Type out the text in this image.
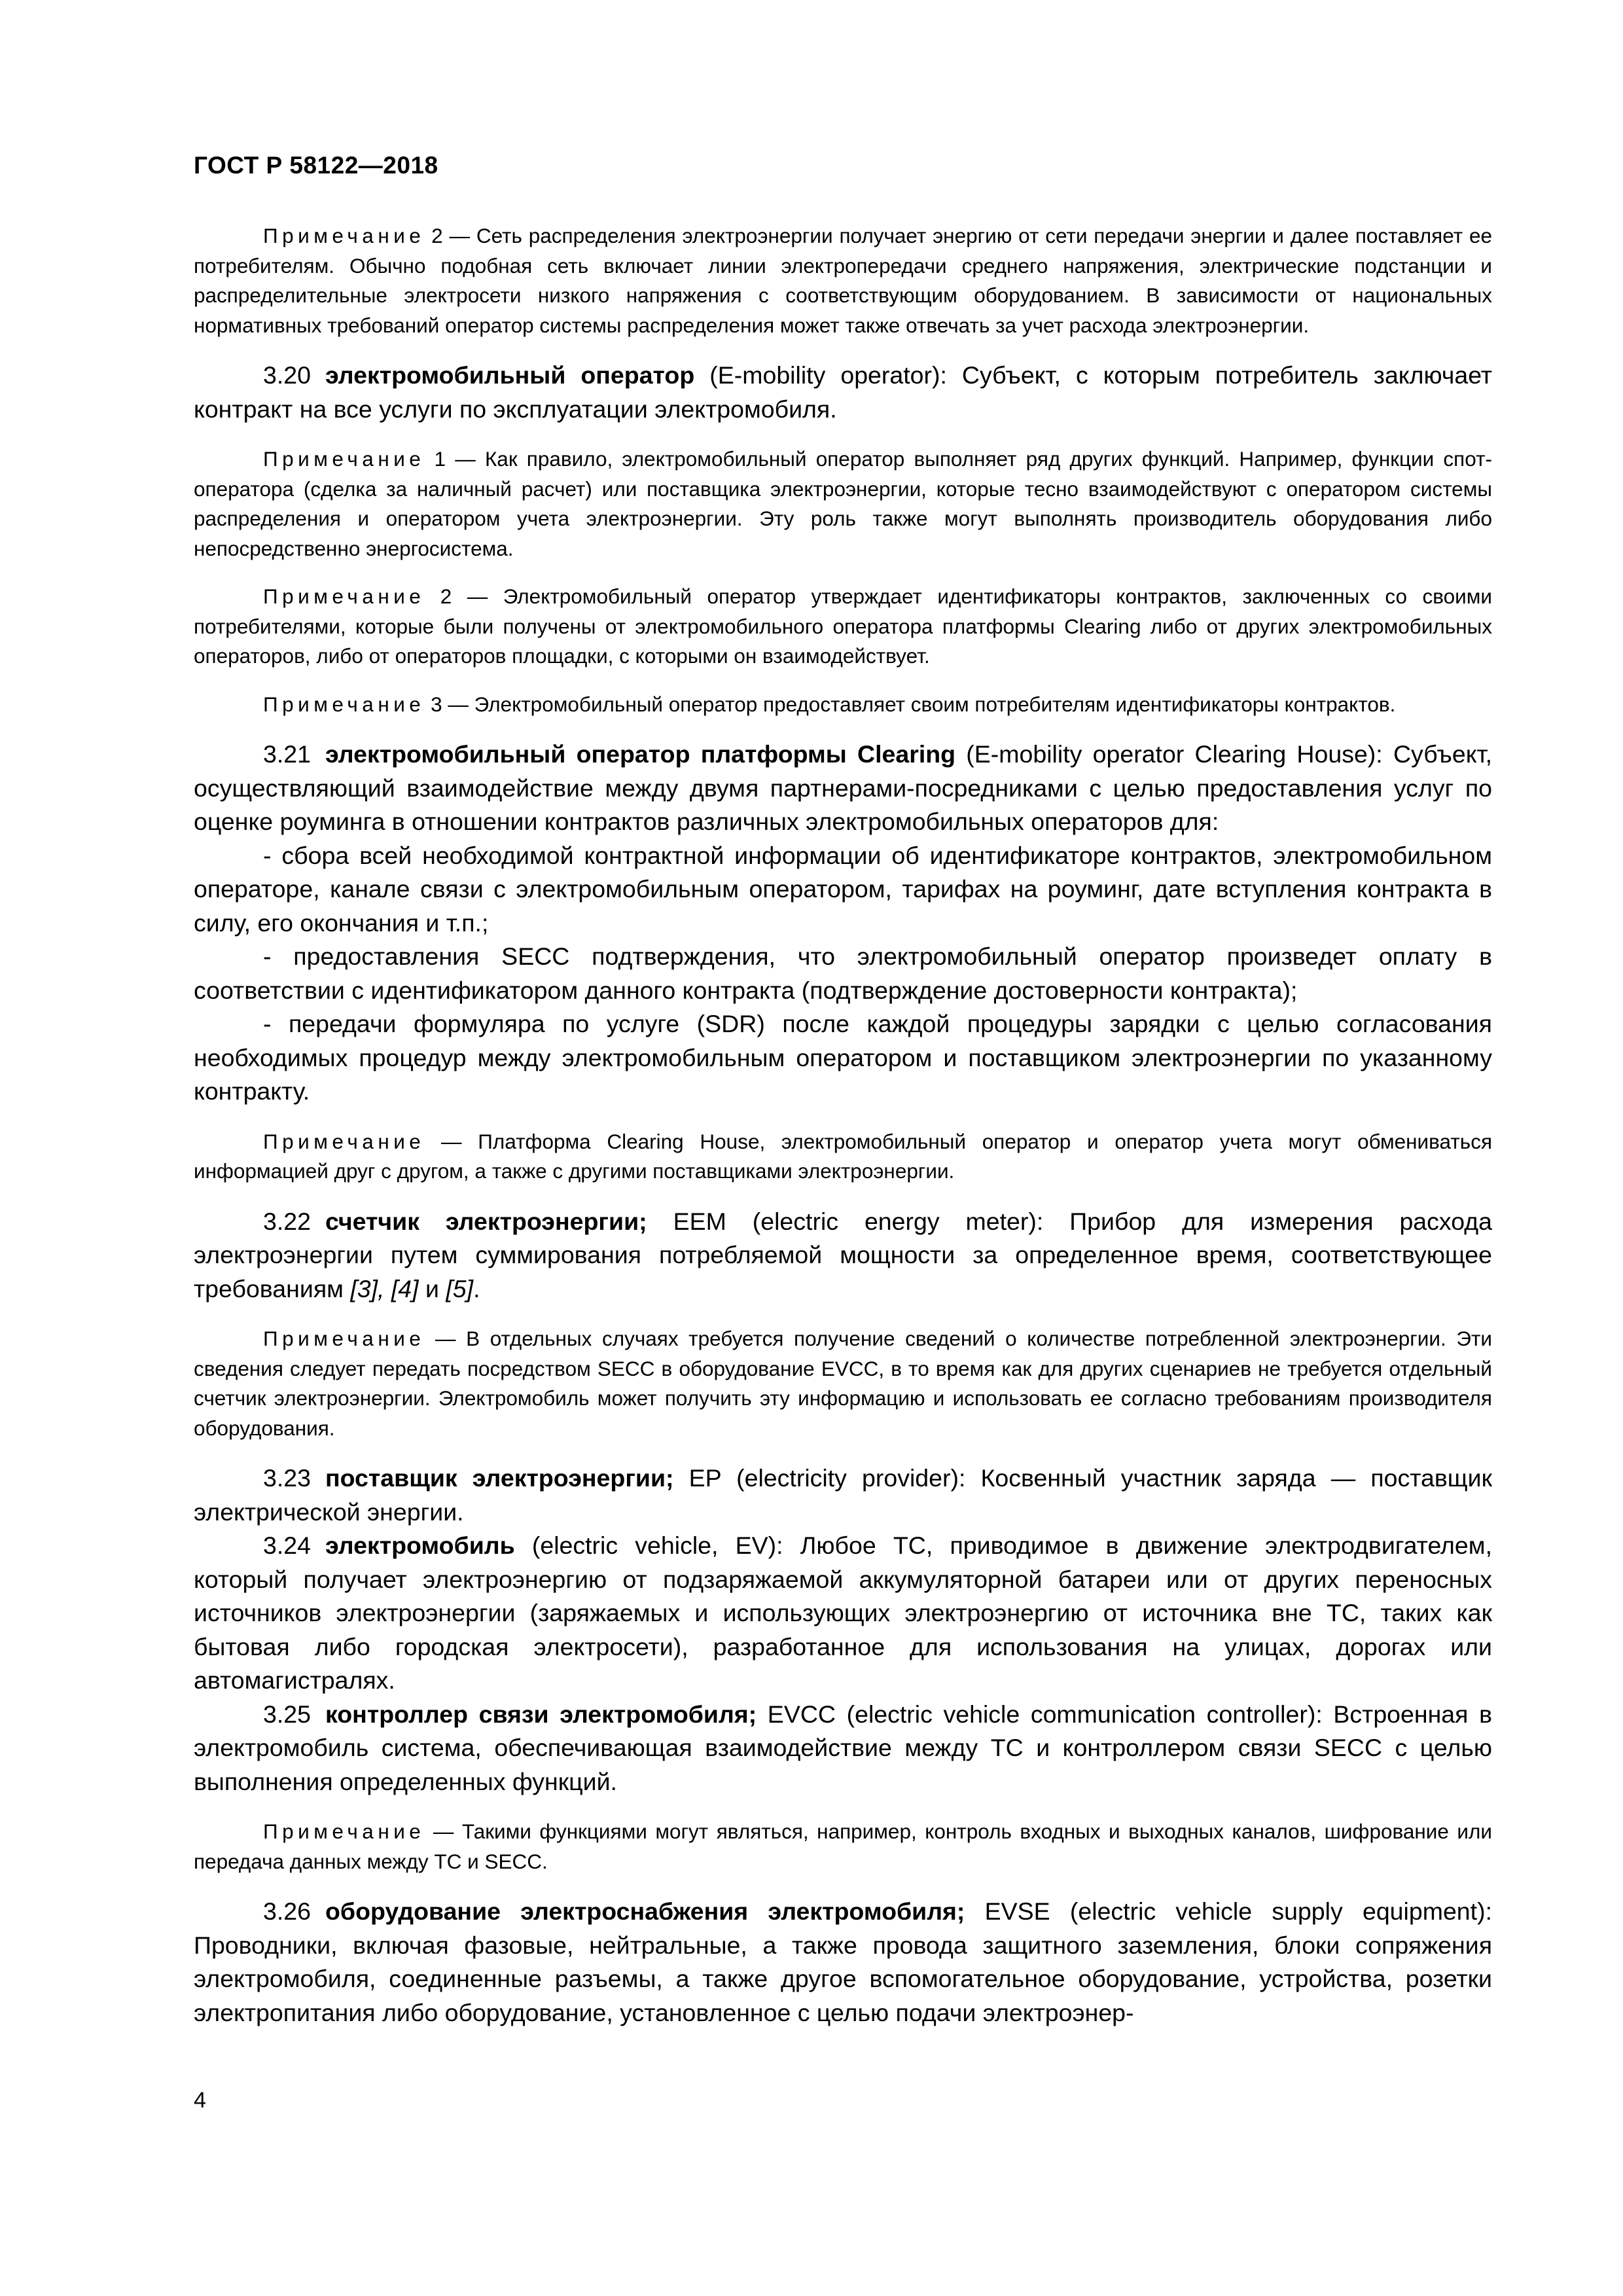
ГОСТ Р 58122—2018

Примечание 2 — Сеть распределения электроэнергии получает энергию от сети передачи энергии и далее поставляет ее потребителям. Обычно подобная сеть включает линии электропередачи среднего напряжения, электрические подстанции и распределительные электросети низкого напряжения с соответствующим оборудованием. В зависимости от национальных нормативных требований оператор системы распределения может также отвечать за учет расхода электроэнергии.

3.20 электромобильный оператор (E-mobility operator): Субъект, с которым потребитель заключает контракт на все услуги по эксплуатации электромобиля.

Примечание 1 — Как правило, электромобильный оператор выполняет ряд других функций. Например, функции спот-оператора (сделка за наличный расчет) или поставщика электроэнергии, которые тесно взаимодействуют с оператором системы распределения и оператором учета электроэнергии. Эту роль также могут выполнять производитель оборудования либо непосредственно энергосистема.

Примечание 2 — Электромобильный оператор утверждает идентификаторы контрактов, заключенных со своими потребителями, которые были получены от электромобильного оператора платформы Clearing либо от других электромобильных операторов, либо от операторов площадки, с которыми он взаимодействует.

Примечание 3 — Электромобильный оператор предоставляет своим потребителям идентификаторы контрактов.

3.21 электромобильный оператор платформы Clearing (E-mobility operator Clearing House): Субъект, осуществляющий взаимодействие между двумя партнерами-посредниками с целью предоставления услуг по оценке роуминга в отношении контрактов различных электромобильных операторов для:

- сбора всей необходимой контрактной информации об идентификаторе контрактов, электромобильном операторе, канале связи с электромобильным оператором, тарифах на роуминг, дате вступления контракта в силу, его окончания и т.п.;

- предоставления SECC подтверждения, что электромобильный оператор произведет оплату в соответствии с идентификатором данного контракта (подтверждение достоверности контракта);

- передачи формуляра по услуге (SDR) после каждой процедуры зарядки с целью согласования необходимых процедур между электромобильным оператором и поставщиком электроэнергии по указанному контракту.

Примечание — Платформа Clearing House, электромобильный оператор и оператор учета могут обмениваться информацией друг с другом, а также с другими поставщиками электроэнергии.

3.22 счетчик электроэнергии; EEM (electric energy meter): Прибор для измерения расхода электроэнергии путем суммирования потребляемой мощности за определенное время, соответствующее требованиям [3], [4] и [5].

Примечание — В отдельных случаях требуется получение сведений о количестве потребленной электроэнергии. Эти сведения следует передать посредством SECC в оборудование EVCC, в то время как для других сценариев не требуется отдельный счетчик электроэнергии. Электромобиль может получить эту информацию и использовать ее согласно требованиям производителя оборудования.

3.23 поставщик электроэнергии; EP (electricity provider): Косвенный участник заряда — поставщик электрической энергии.

3.24 электромобиль (electric vehicle, EV): Любое ТС, приводимое в движение электродвигателем, который получает электроэнергию от подзаряжаемой аккумуляторной батареи или от других переносных источников электроэнергии (заряжаемых и использующих электроэнергию от источника вне ТС, таких как бытовая либо городская электросети), разработанное для использования на улицах, дорогах или автомагистралях.

3.25 контроллер связи электромобиля; EVCC (electric vehicle communication controller): Встроенная в электромобиль система, обеспечивающая взаимодействие между ТС и контроллером связи SECC с целью выполнения определенных функций.

Примечание — Такими функциями могут являться, например, контроль входных и выходных каналов, шифрование или передача данных между ТС и SECC.

3.26 оборудование электроснабжения электромобиля; EVSE (electric vehicle supply equipment): Проводники, включая фазовые, нейтральные, а также провода защитного заземления, блоки сопряжения электромобиля, соединенные разъемы, а также другое вспомогательное оборудование, устройства, розетки электропитания либо оборудование, установленное с целью подачи электроэнер-

4
